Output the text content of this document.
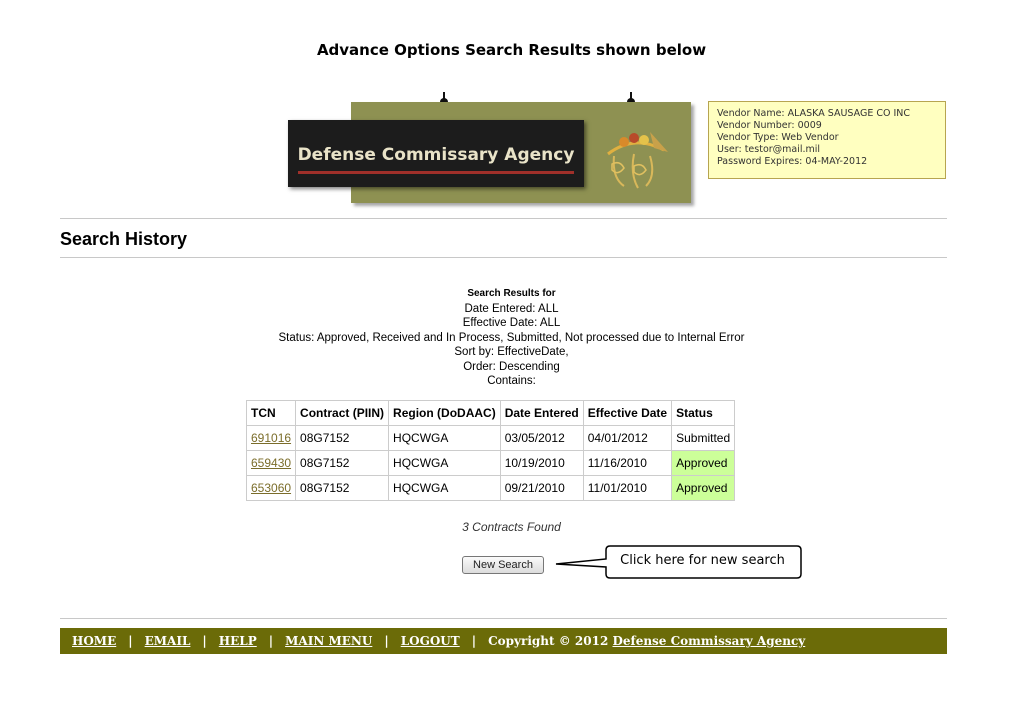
Advance Options Search Results shown below
Defense Commissary Agency
Vendor Name: ALASKA SAUSAGE CO INC
Vendor Number: 0009
Vendor Type: Web Vendor
User: testor@mail.mil
Password Expires: 04-MAY-2012
Search History
Search Results for
Date Entered: ALL
Effective Date: ALL
Status: Approved, Received and In Process, Submitted, Not processed due to Internal Error
Sort by: EffectiveDate,
Order: Descending
Contains:
TCN	Contract (PIIN)	Region (DoDAAC)	Date Entered	Effective Date	Status
691016	08G7152	HQCWGA	03/05/2012	04/01/2012	Submitted
659430	08G7152	HQCWGA	10/19/2010	11/16/2010	Approved
653060	08G7152	HQCWGA	09/21/2010	11/01/2010	Approved
3 Contracts Found
New Search	Click here for new search
HOME | EMAIL | HELP | MAIN MENU | LOGOUT | Copyright © 2012 Defense Commissary Agency
